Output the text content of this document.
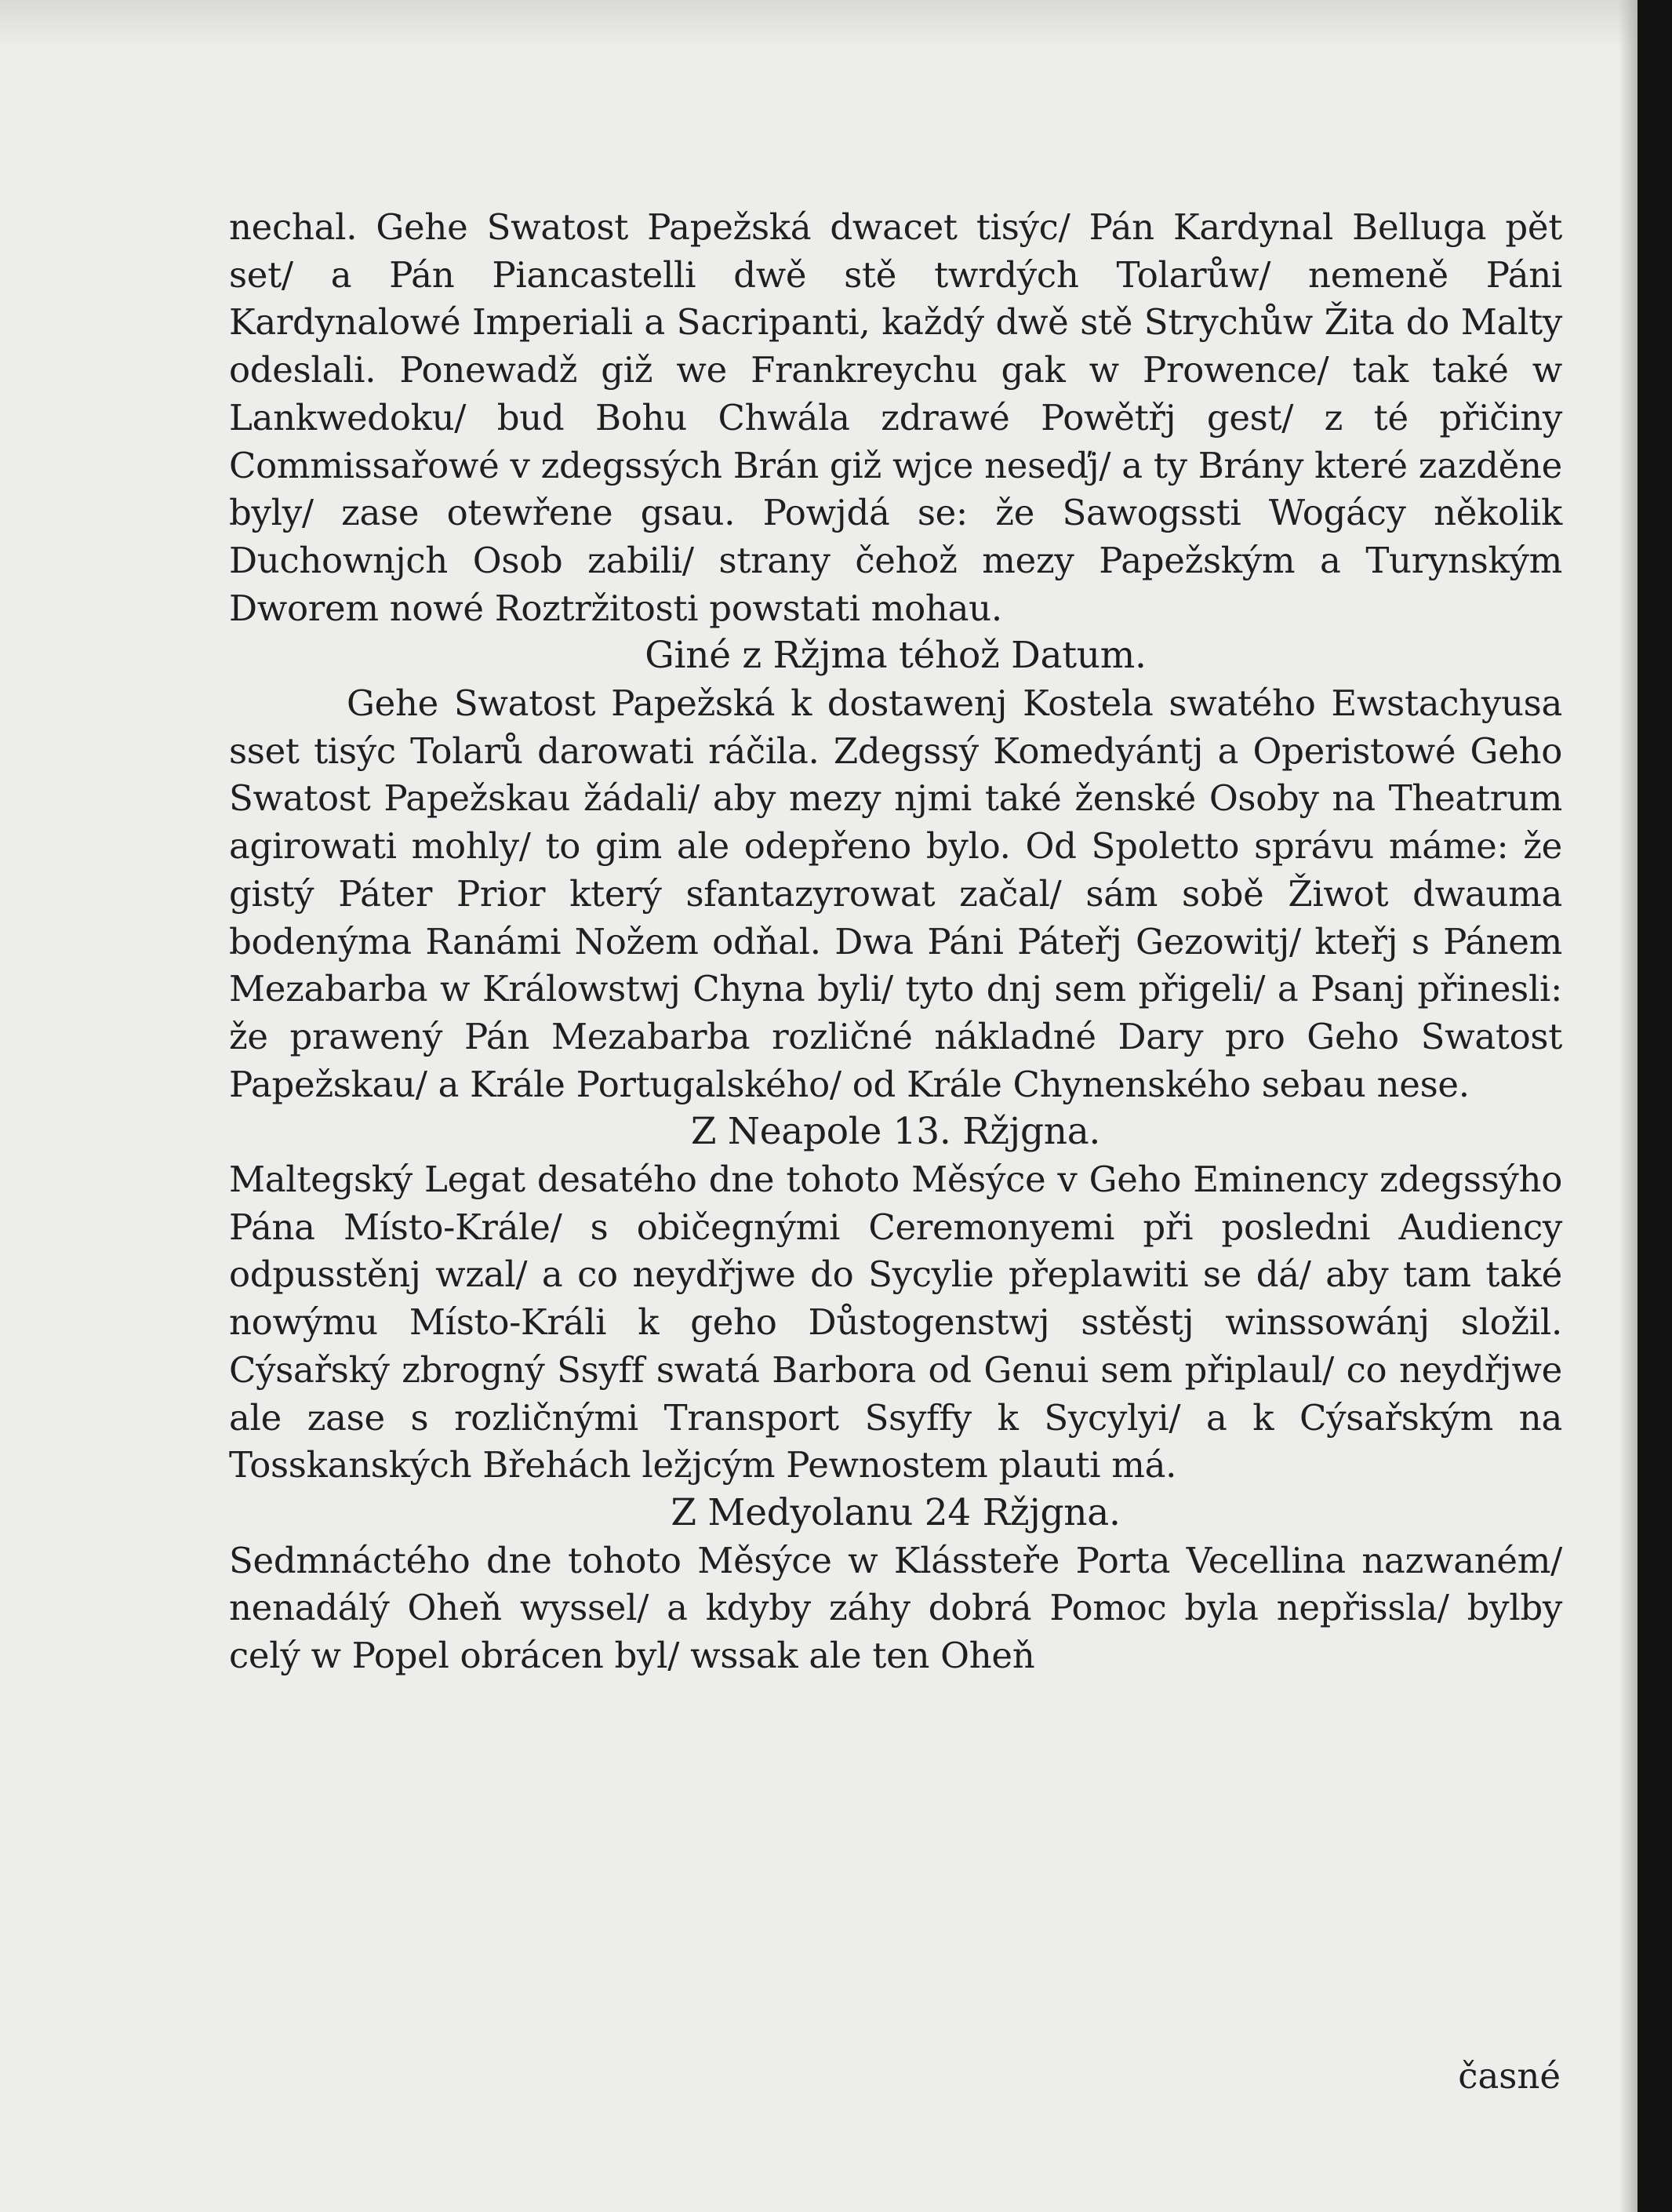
nechal. Gehe Swatost Papežská dwacet tisýc/ Pán Kardynal Belluga pět set/ a Pán Piancastelli dwě stě twrdých Tolarůw/ nemeně Páni Kardynalowé Imperiali a Sacripanti, každý dwě stě Strychůw Žita do Malty odeslali. Ponewadž giž we Frankreychu gak w Prowence/ tak také w Lankwedoku/ bud Bohu Chwála zdrawé Powětřj gest/ z té přičiny Commissařowé v zdegssých Brán giž wjce neseďj/ a ty Brány které zazděne byly/ zase otewřene gsau. Powjdá se: že Sawogssti Wogácy několik Duchownjch Osob zabili/ strany čehož mezy Papežským a Turynským Dworem nowé Roztržitosti powstati mohau.

Giné z Ržjma téhož Datum.

Gehe Swatost Papežská k dostawenj Kostela swatého Ewstachyusa sset tisýc Tolarů darowati ráčila. Zdegssý Komedyántj a Operistowé Geho Swatost Papežskau žádali/ aby mezy njmi také ženské Osoby na Theatrum agirowati mohly/ to gim ale odepřeno bylo. Od Spoletto správu máme: že gistý Páter Prior který sfantazyrowat začal/ sám sobě Žiwot dwauma bodenýma Ranámi Nožem odňal. Dwa Páni Páteřj Gezowitj/ kteřj s Pánem Mezabarba w Králowstwj Chyna byli/ tyto dnj sem přigeli/ a Psanj přinesli: že prawený Pán Mezabarba rozličné nákladné Dary pro Geho Swatost Papežskau/ a Krále Portugalského/ od Krále Chynenského sebau nese.

Z Neapole 13. Ržjgna.

Maltegský Legat desatého dne tohoto Měsýce v Geho Eminency zdegssýho Pána Místo-Krále/ s običegnými Ceremonyemi při posledni Audiency odpusstěnj wzal/ a co neydřjwe do Sycylie přeplawiti se dá/ aby tam také nowýmu Místo-Králi k geho Důstogenstwj sstěstj winssowánj složil. Cýsařský zbrogný Ssyff swatá Barbora od Genui sem připlaul/ co neydřjwe ale zase s rozličnými Transport Ssyffy k Sycylyi/ a k Cýsařským na Tosskanských Břehách ležjcým Pewnostem plauti má.

Z Medyolanu 24 Ržjgna.

Sedmnáctého dne tohoto Měsýce w Klássteře Porta Vecellina nazwaném/ nenadálý Oheň wyssel/ a kdyby záhy dobrá Pomoc byla nepřissla/ bylby celý w Popel obrácen byl/ wssak ale ten Oheň

časné
